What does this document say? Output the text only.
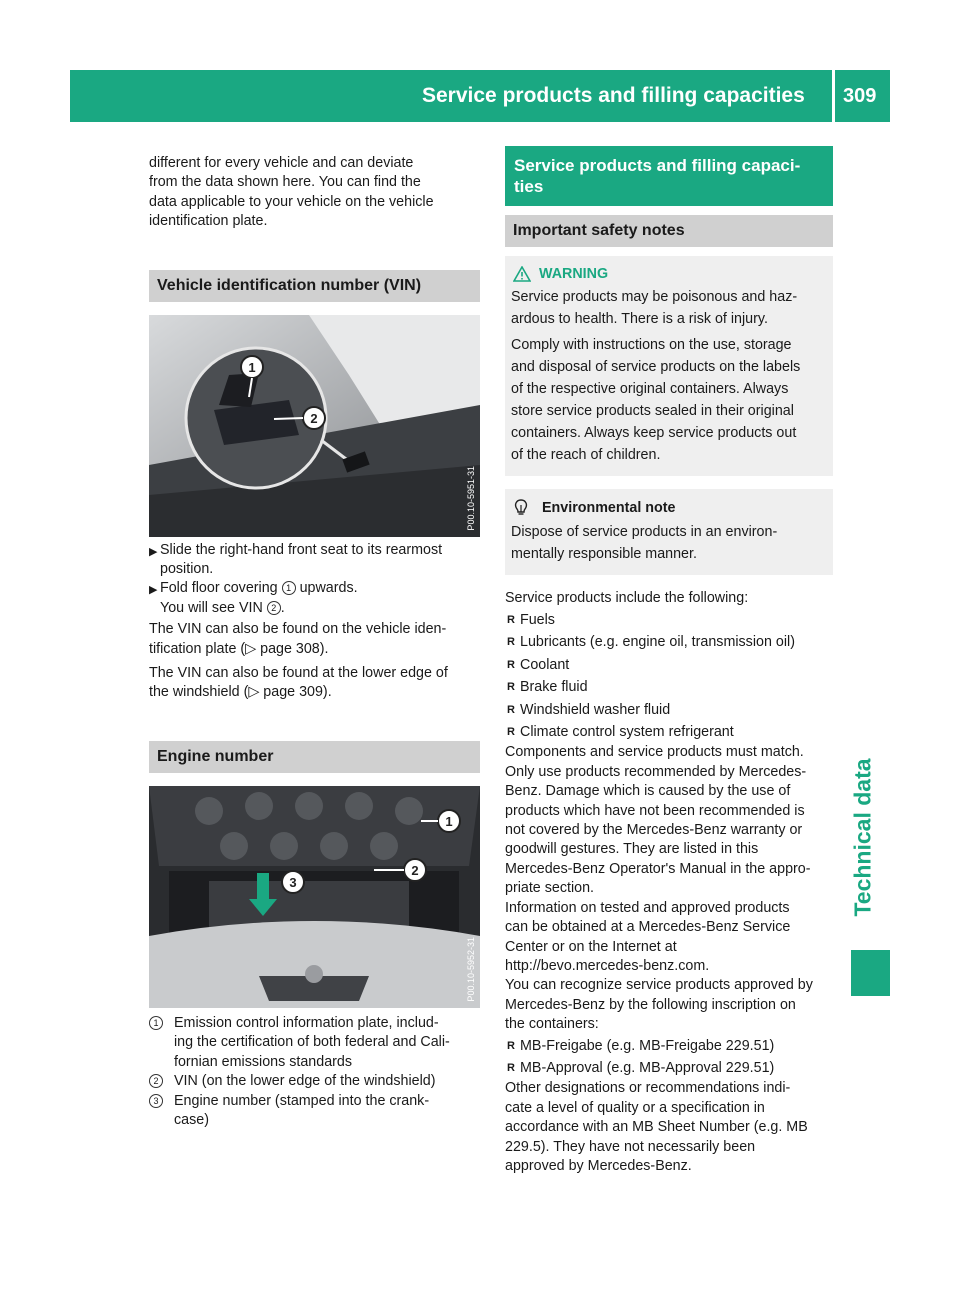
Service products and filling capacities 309
Technical data

different for every vehicle and can deviate

from the data shown here. You can find the

data applicable to your vehicle on the vehicle

identification plate.

Vehicle identification number (VIN)
1
2
P00.10-5951-31
▶ Slide the right-hand front seat to its rearmost

position.

▶ Fold floor covering 1 upwards.

You will see VIN 2 .

The VIN can also be found on the vehicle iden-

tification plate (▷ page 308).

The VIN can also be found at the lower edge of

the windshield (▷ page 309).

Engine number
1
2
3
P00.10-5952-31
1	Emission control information plate, includ-

ing the certification of both federal and Cali-

fornian emissions standards

2	VIN (on the lower edge of the windshield)

3	Engine number (stamped into the crank-

case)

Service products and filling capaci-
ties
Important safety notes
WARNING

Service products may be poisonous and haz-

ardous to health. There is a risk of injury.

Comply with instructions on the use, storage

and disposal of service products on the labels

of the respective original containers. Always

store service products sealed in their original

containers. Always keep service products out

of the reach of children.

Environmental note

Dispose of service products in an environ-

mentally responsible manner.

Service products include the following:

R Fuels
R Lubricants (e.g. engine oil, transmission oil)
R Coolant
R Brake fluid
R Windshield washer fluid
R Climate control system refrigerant

Components and service products must match.

Only use products recommended by Mercedes-

Benz. Damage which is caused by the use of

products which have not been recommended is

not covered by the Mercedes-Benz warranty or

goodwill gestures. They are listed in this

Mercedes-Benz Operator's Manual in the appro-

priate section.

Information on tested and approved products

can be obtained at a Mercedes-Benz Service

Center or on the Internet at

http://bevo.mercedes-benz.com.

You can recognize service products approved by

Mercedes-Benz by the following inscription on

the containers:

R MB-Freigabe (e.g. MB-Freigabe 229.51)
R MB-Approval (e.g. MB-Approval 229.51)

Other designations or recommendations indi-

cate a level of quality or a specification in

accordance with an MB Sheet Number (e.g. MB

229.5). They have not necessarily been

approved by Mercedes-Benz.
